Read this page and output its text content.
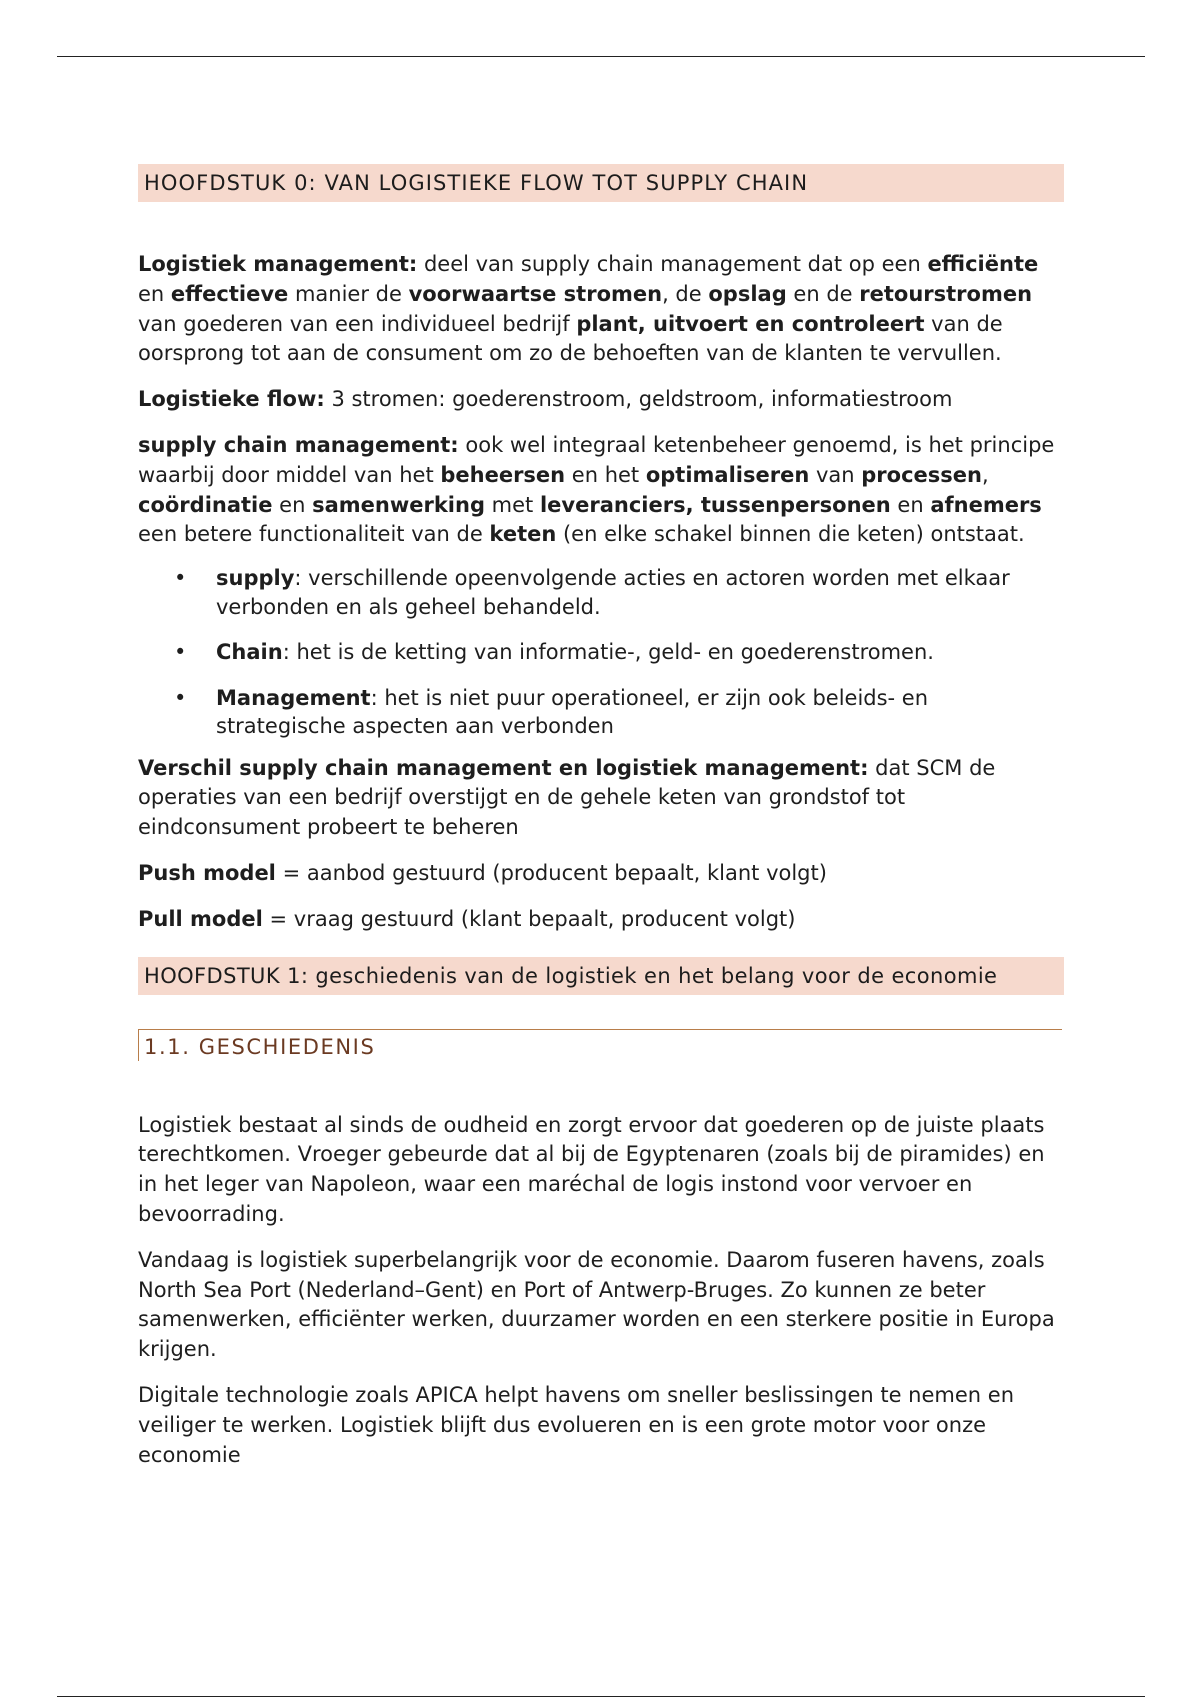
HOOFDSTUK 0: VAN LOGISTIEKE FLOW TOT SUPPLY CHAIN

Logistiek management: deel van supply chain management dat op een efficiënte en effectieve manier de voorwaartse stromen, de opslag en de retourstromen van goederen van een individueel bedrijf plant, uitvoert en controleert van de oorsprong tot aan de consument om zo de behoeften van de klanten te vervullen.

Logistieke flow: 3 stromen: goederenstroom, geldstroom, informatiestroom

supply chain management: ook wel integraal ketenbeheer genoemd, is het principe waarbij door middel van het beheersen en het optimaliseren van processen, coördinatie en samenwerking met leveranciers, tussenpersonen en afnemers een betere functionaliteit van de keten (en elke schakel binnen die keten) ontstaat.

• supply: verschillende opeenvolgende acties en actoren worden met elkaar verbonden en als geheel behandeld.
• Chain: het is de ketting van informatie-, geld- en goederenstromen.
• Management: het is niet puur operationeel, er zijn ook beleids- en strategische aspecten aan verbonden

Verschil supply chain management en logistiek management: dat SCM de operaties van een bedrijf overstijgt en de gehele keten van grondstof tot eindconsument probeert te beheren

Push model = aanbod gestuurd (producent bepaalt, klant volgt)

Pull model = vraag gestuurd (klant bepaalt, producent volgt)

HOOFDSTUK 1: geschiedenis van de logistiek en het belang voor de economie
1.1. GESCHIEDENIS

Logistiek bestaat al sinds de oudheid en zorgt ervoor dat goederen op de juiste plaats terechtkomen. Vroeger gebeurde dat al bij de Egyptenaren (zoals bij de piramides) en in het leger van Napoleon, waar een maréchal de logis instond voor vervoer en bevoorrading.

Vandaag is logistiek superbelangrijk voor de economie. Daarom fuseren havens, zoals North Sea Port (Nederland–Gent) en Port of Antwerp-Bruges. Zo kunnen ze beter samenwerken, efficiënter werken, duurzamer worden en een sterkere positie in Europa krijgen.

Digitale technologie zoals APICA helpt havens om sneller beslissingen te nemen en veiliger te werken. Logistiek blijft dus evolueren en is een grote motor voor onze economie
